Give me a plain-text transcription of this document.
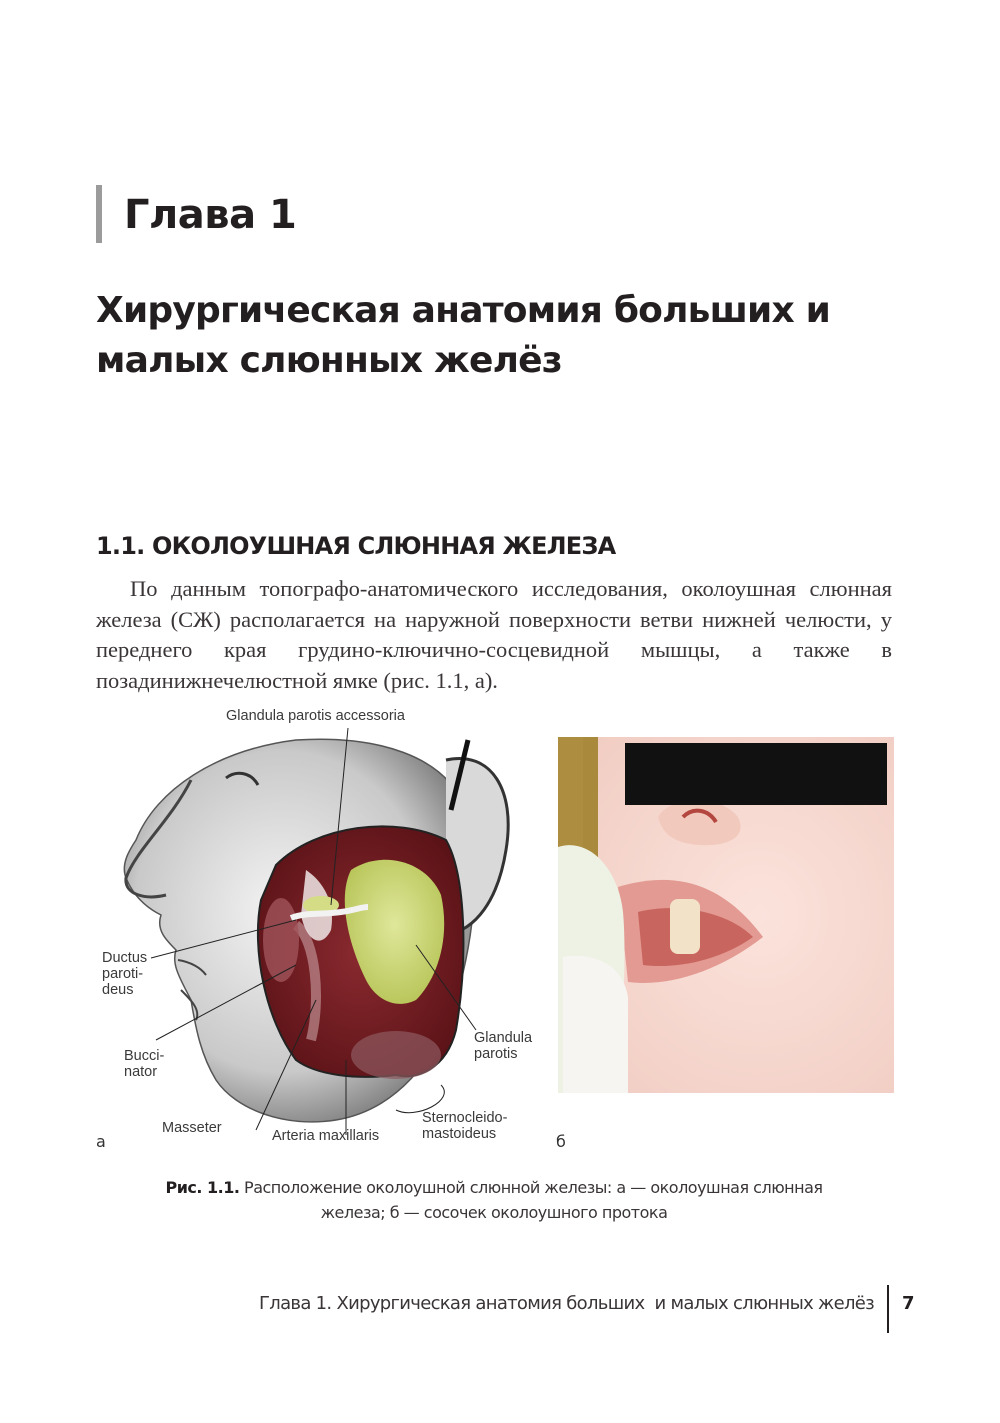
Глава 1
Хирургическая анатомия больших и малых слюнных желёз
1.1. ОКОЛОУШНАЯ СЛЮННАЯ ЖЕЛЕЗА

По данным топографо-анатомического исследования, околоушная слюнная железа (СЖ) располагается на наружной поверхности ветви нижней челюсти, у переднего края грудино-ключично-сосцевидной мышцы, а также в позадинижнечелюстной ямке (рис. 1.1, а).

Glandula parotis accessoria
Ductus
paroti-
deus
Bucci-
nator
Masseter	Arteria maxillaris
Sternocleido-
mastoideus
Glandula
parotis
а	б
Рис. 1.1. Расположение околоушной слюнной железы: а — околоушная слюнная
железа; б — сосочек околоушного протока
Глава 1. Хирургическая анатомия больших  и малых слюнных желёз 7
